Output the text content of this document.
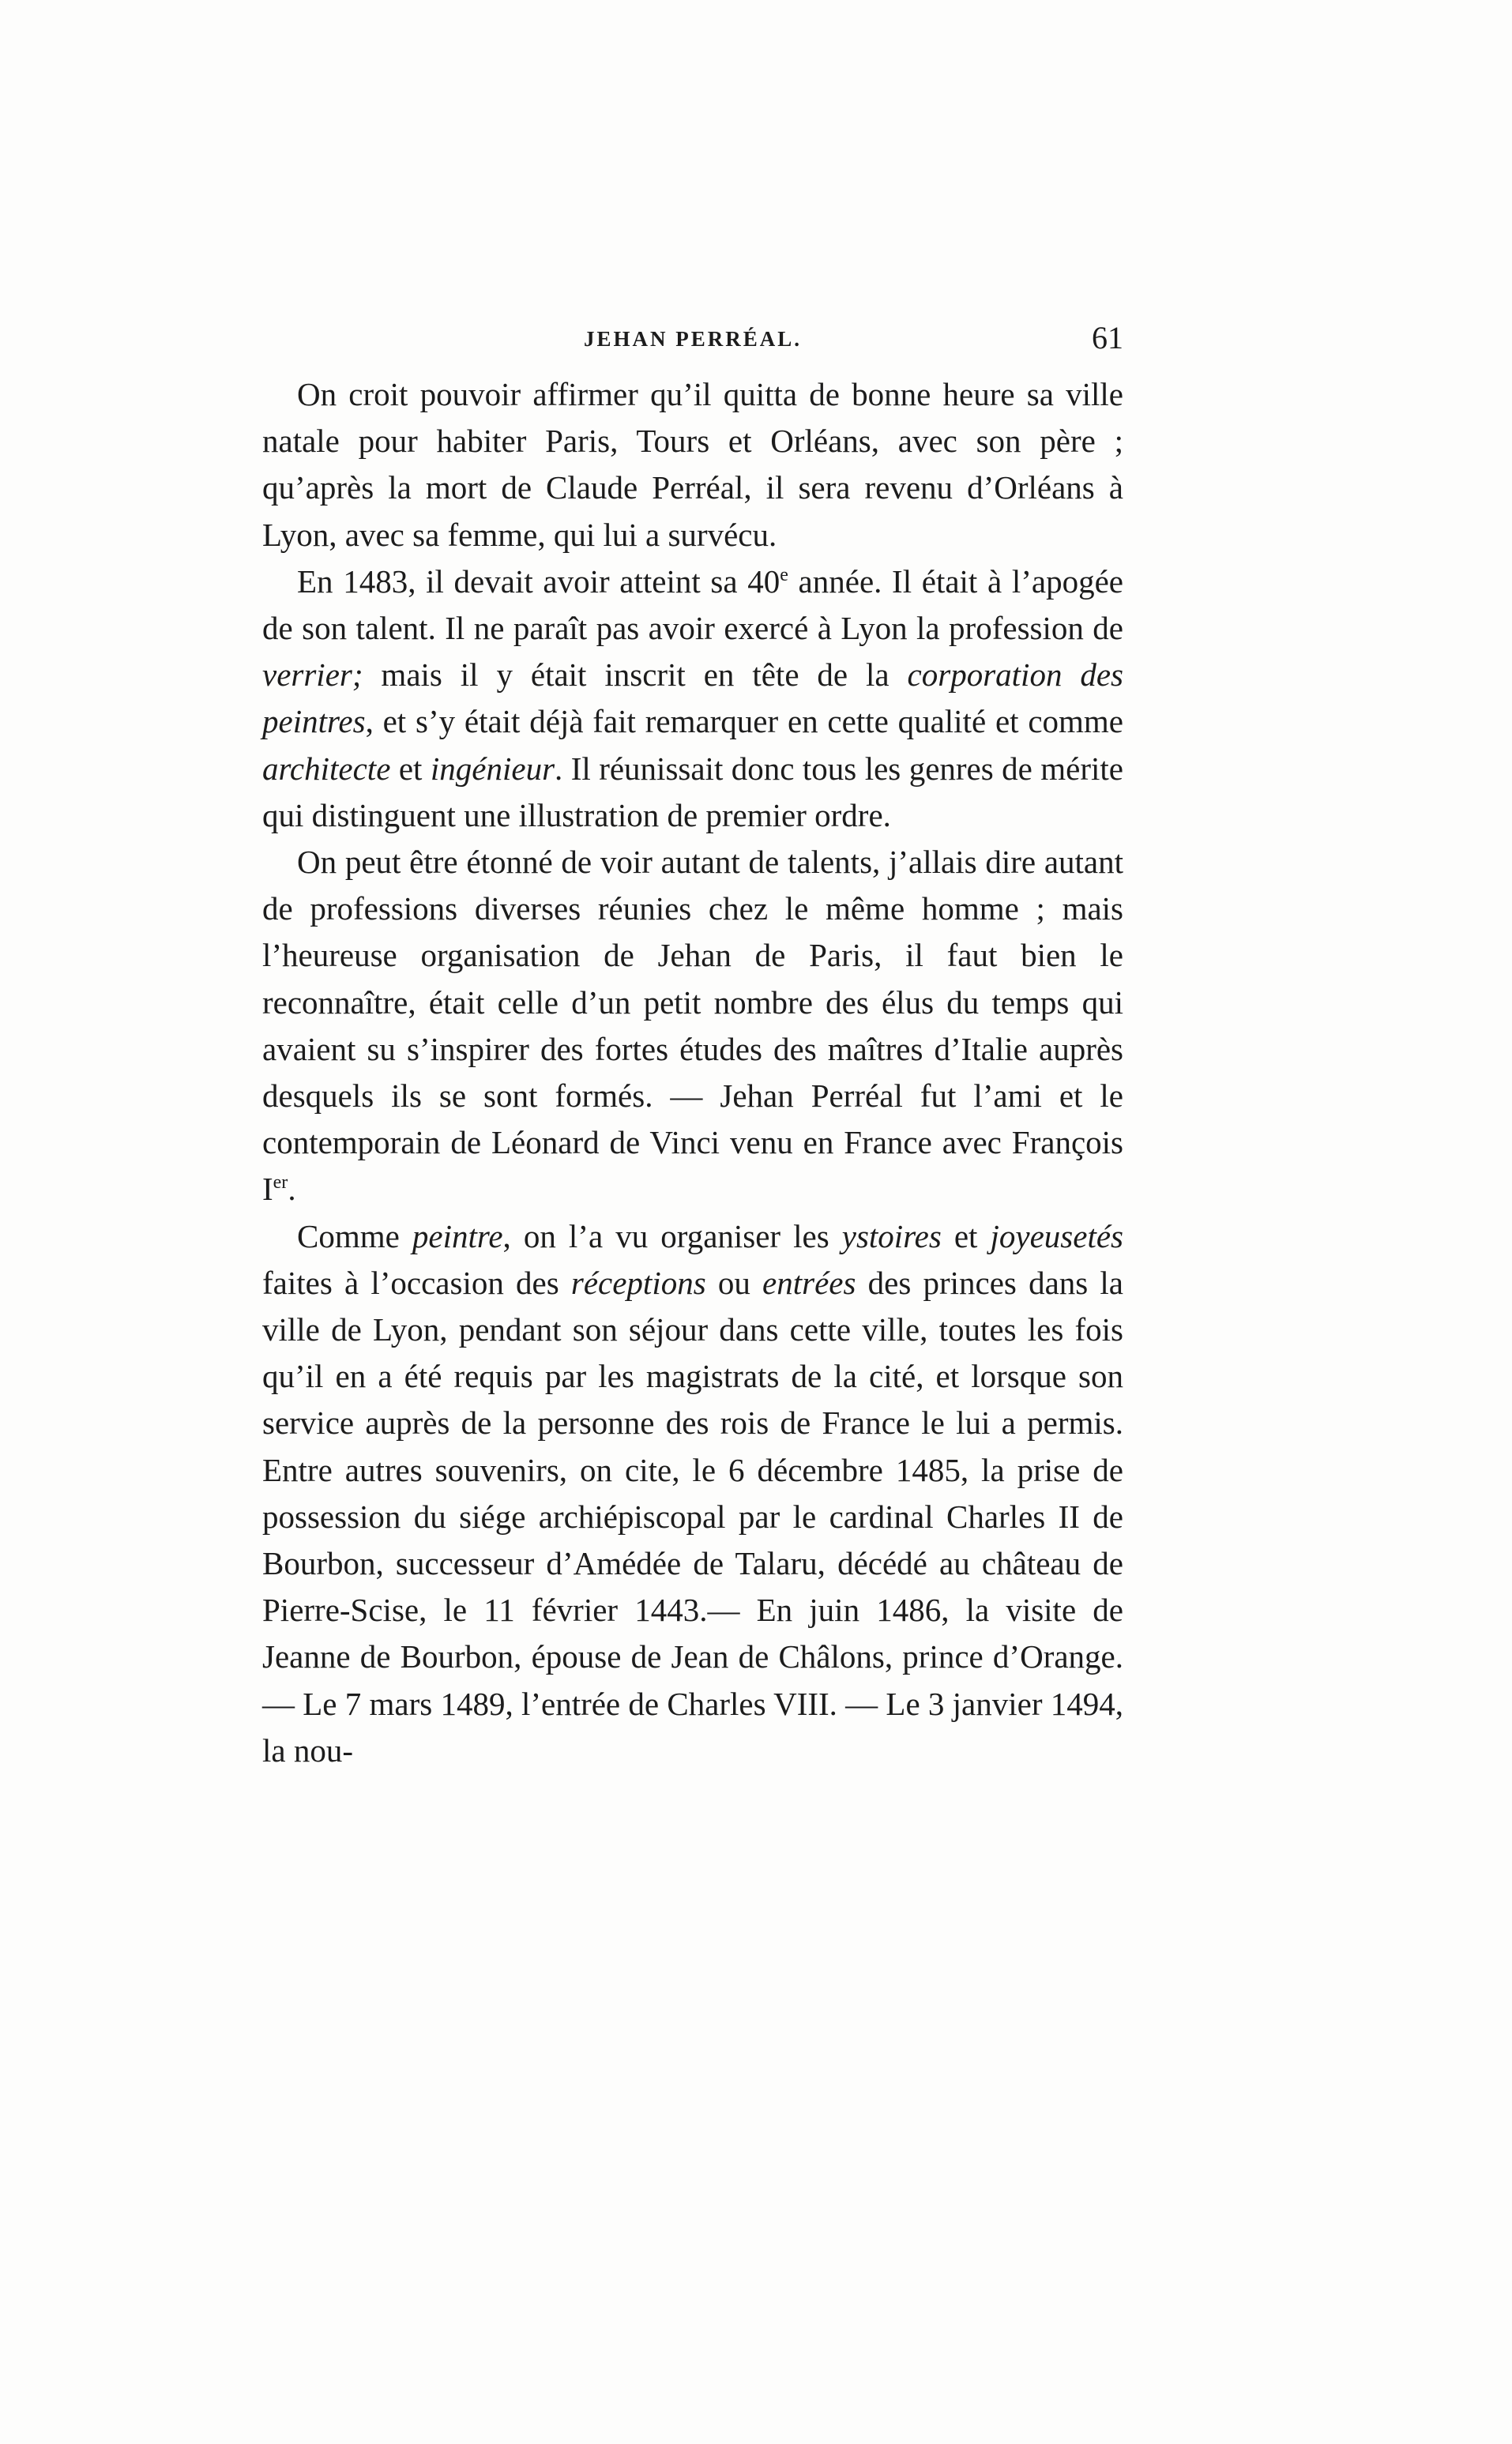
JEHAN PERRÉAL.	61

On croit pouvoir affirmer qu’il quitta de bonne heure sa ville natale pour habiter Paris, Tours et Orléans, avec son père ; qu’après la mort de Claude Perréal, il sera revenu d’Orléans à Lyon, avec sa femme, qui lui a survécu.

En 1483, il devait avoir atteint sa 40e année. Il était à l’apogée de son talent. Il ne paraît pas avoir exercé à Lyon la profession de verrier; mais il y était inscrit en tête de la corporation des peintres, et s’y était déjà fait remarquer en cette qualité et comme architecte et ingénieur. Il réunissait donc tous les genres de mérite qui distinguent une illustration de premier ordre.

On peut être étonné de voir autant de talents, j’allais dire autant de professions diverses réunies chez le même homme ; mais l’heureuse organisation de Jehan de Paris, il faut bien le reconnaître, était celle d’un petit nombre des élus du temps qui avaient su s’inspirer des fortes études des maîtres d’Italie auprès desquels ils se sont formés. — Jehan Perréal fut l’ami et le contemporain de Léonard de Vinci venu en France avec François Ier.

Comme peintre, on l’a vu organiser les ystoires et joyeusetés faites à l’occasion des réceptions ou entrées des princes dans la ville de Lyon, pendant son séjour dans cette ville, toutes les fois qu’il en a été requis par les magistrats de la cité, et lorsque son service auprès de la personne des rois de France le lui a permis. Entre autres souvenirs, on cite, le 6 décembre 1485, la prise de possession du siége archiépiscopal par le cardinal Charles II de Bourbon, successeur d’Amédée de Talaru, décédé au château de Pierre-Scise, le 11 février 1443.— En juin 1486, la visite de Jeanne de Bourbon, épouse de Jean de Châlons, prince d’Orange. — Le 7 mars 1489, l’entrée de Charles VIII. — Le 3 janvier 1494, la nou-
